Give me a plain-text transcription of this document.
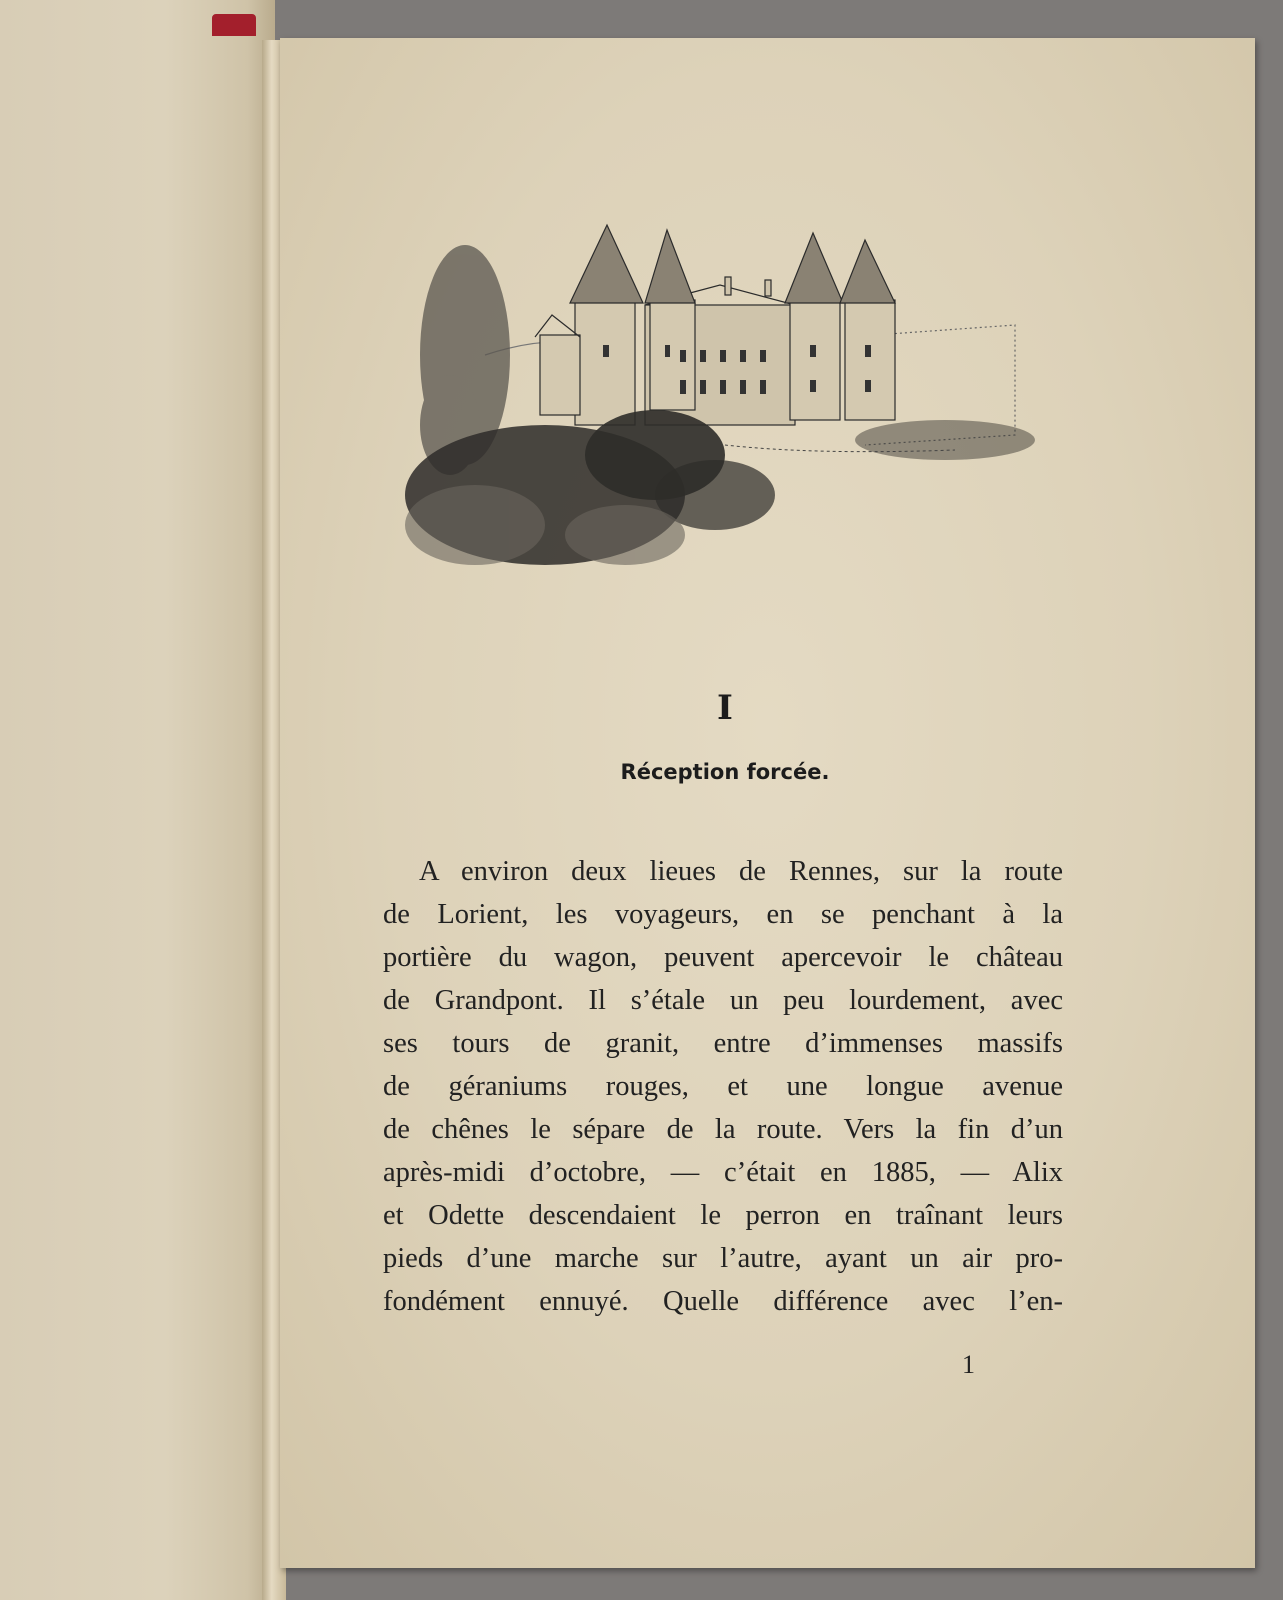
I
Réception forcée.
A environ deux lieues de Rennes, sur la route
de Lorient, les voyageurs, en se penchant à la
portière du wagon, peuvent apercevoir le château
de Grandpont. Il s’étale un peu lourdement, avec
ses tours de granit, entre d’immenses massifs
de géraniums rouges, et une longue avenue
de chênes le sépare de la route. Vers la fin d’un
après-midi d’octobre, — c’était en 1885, — Alix
et Odette descendaient le perron en traînant leurs
pieds d’une marche sur l’autre, ayant un air pro-
fondément ennuyé. Quelle différence avec l’en-
1
